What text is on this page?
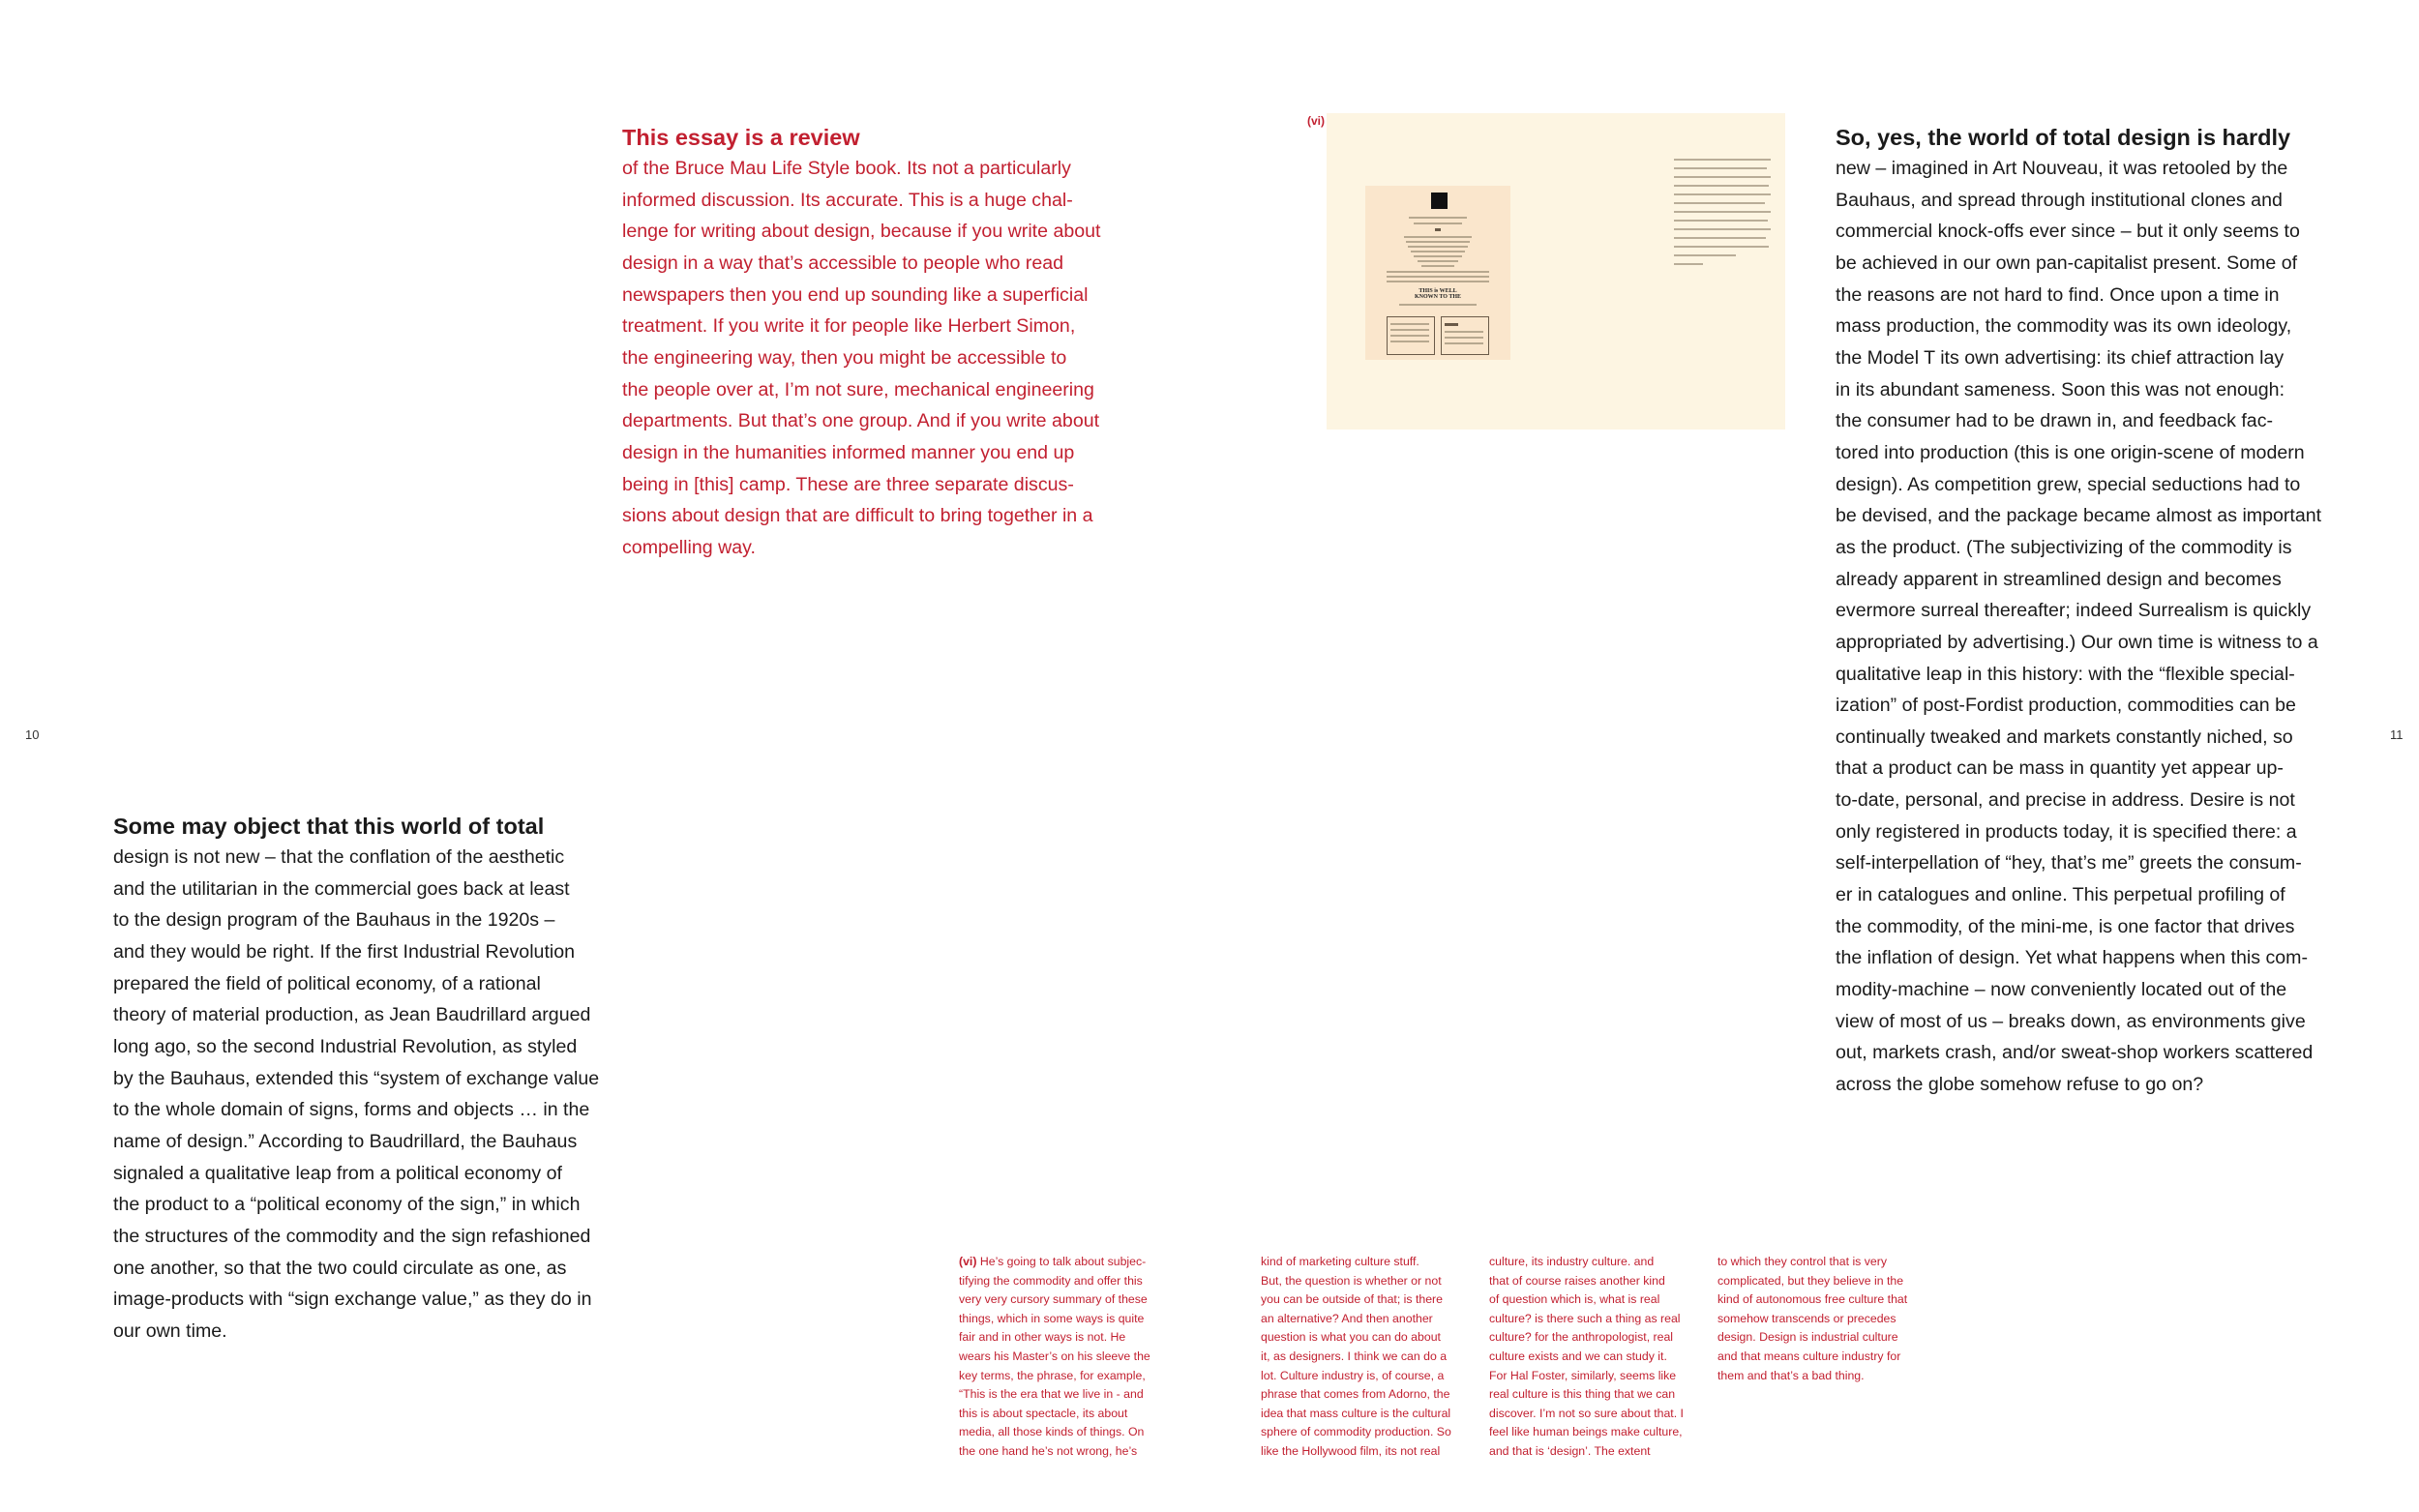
10	11
This essay is a review
of the Bruce Mau Life Style book. Its not a particularly
informed discussion. Its accurate. This is a huge chal-
lenge for writing about design, because if you write about
design in a way that’s accessible to people who read
newspapers then you end up sounding like a superficial
treatment. If you write it for people like Herbert Simon,
the engineering way, then you might be accessible to
the people over at, I’m not sure, mechanical engineering
departments. But that’s one group. And if you write about
design in the humanities informed manner you end up
being in [this] camp. These are three separate discus-
sions about design that are difficult to bring together in a
compelling way.
Some may object that this world of total
design is not new – that the conflation of the aesthetic
and the utilitarian in the commercial goes back at least
to the design program of the Bauhaus in the 1920s –
and they would be right. If the first Industrial Revolution
prepared the field of political economy, of a rational
theory of material production, as Jean Baudrillard argued
long ago, so the second Industrial Revolution, as styled
by the Bauhaus, extended this “system of exchange value
to the whole domain of signs, forms and objects … in the
name of design.” According to Baudrillard, the Bauhaus
signaled a qualitative leap from a political economy of
the product to a “political economy of the sign,” in which
the structures of the commodity and the sign refashioned
one another, so that the two could circulate as one, as
image-products with “sign exchange value,” as they do in
our own time.
So, yes, the world of total design is hardly
new – imagined in Art Nouveau, it was retooled by the
Bauhaus, and spread through institutional clones and
commercial knock-offs ever since – but it only seems to
be achieved in our own pan-capitalist present. Some of
the reasons are not hard to find. Once upon a time in
mass production, the commodity was its own ideology,
the Model T its own advertising: its chief attraction lay
in its abundant sameness. Soon this was not enough:
the consumer had to be drawn in, and feedback fac-
tored into production (this is one origin-scene of modern
design). As competition grew, special seductions had to
be devised, and the package became almost as important
as the product. (The subjectivizing of the commodity is
already apparent in streamlined design and becomes
evermore surreal thereafter; indeed Surrealism is quickly
appropriated by advertising.) Our own time is witness to a
qualitative leap in this history: with the “flexible special-
ization” of post-Fordist production, commodities can be
continually tweaked and markets constantly niched, so
that a product can be mass in quantity yet appear up-
to-date, personal, and precise in address. Desire is not
only registered in products today, it is specified there: a
self-interpellation of “hey, that’s me” greets the consum-
er in catalogues and online. This perpetual profiling of
the commodity, of the mini-me, is one factor that drives
the inflation of design. Yet what happens when this com-
modity-machine – now conveniently located out of the
view of most of us – breaks down, as environments give
out, markets crash, and/or sweat-shop workers scattered
across the globe somehow refuse to go on?
(vi)
THIS is WELL KNOWN TO THE
(vi) He’s going to talk about subjec-
tifying the commodity and offer this
very very cursory summary of these
things, which in some ways is quite
fair and in other ways is not. He
wears his Master’s on his sleeve the
key terms, the phrase, for example,
“This is the era that we live in - and
this is about spectacle, its about
media, all those kinds of things. On
the one hand he’s not wrong, he’s
kind of marketing culture stuff.
But, the question is whether or not
you can be outside of that; is there
an alternative? And then another
question is what you can do about
it, as designers. I think we can do a
lot. Culture industry is, of course, a
phrase that comes from Adorno, the
idea that mass culture is the cultural
sphere of commodity production. So
like the Hollywood film, its not real
culture, its industry culture. and
that of course raises another kind
of question which is, what is real
culture? is there such a thing as real
culture? for the anthropologist, real
culture exists and we can study it.
For Hal Foster, similarly, seems like
real culture is this thing that we can
discover. I’m not so sure about that. I
feel like human beings make culture,
and that is ‘design’. The extent
to which they control that is very
complicated, but they believe in the
kind of autonomous free culture that
somehow transcends or precedes
design. Design is industrial culture
and that means culture industry for
them and that’s a bad thing.
